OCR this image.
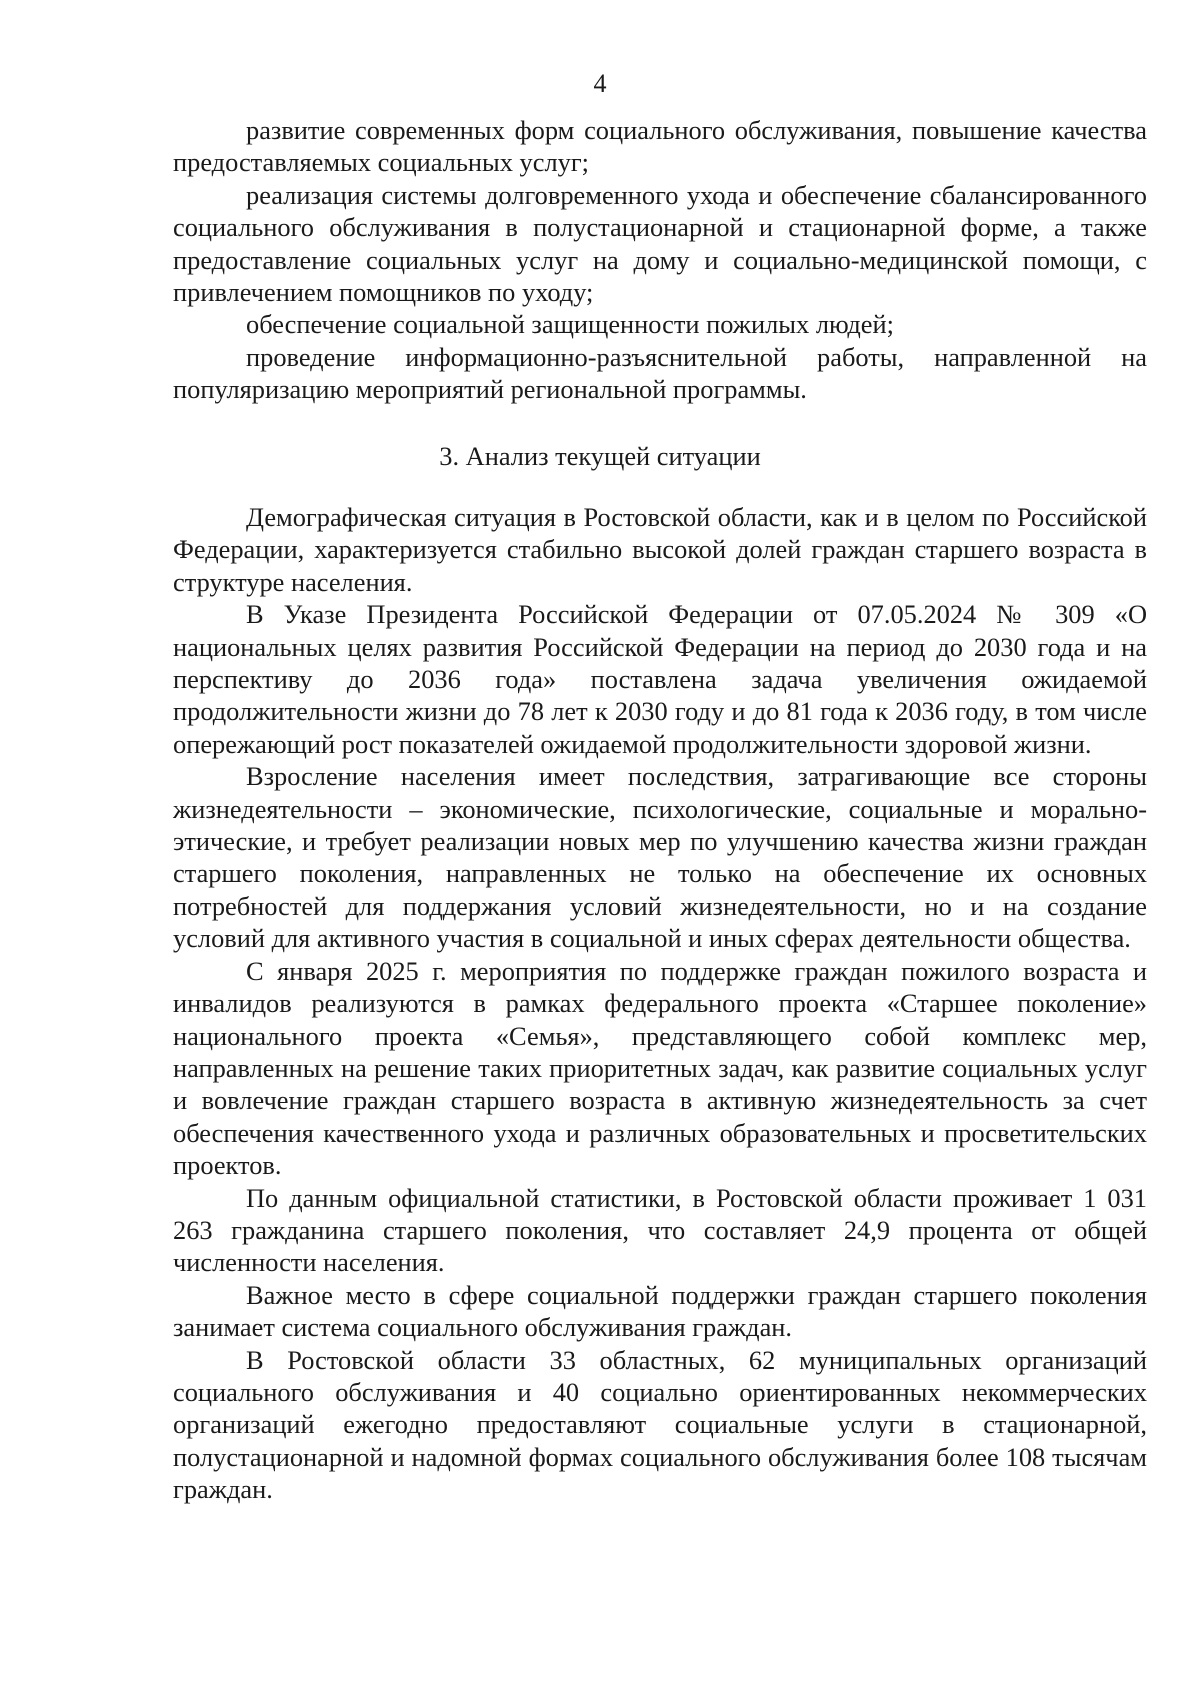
4

развитие современных форм социального обслуживания, повышение качества предоставляемых социальных услуг;

реализация системы долговременного ухода и обеспечение сбалансированного социального обслуживания в полустационарной и стационарной форме, а также предоставление социальных услуг на дому и социально-медицинской помощи, с привлечением помощников по уходу;

обеспечение социальной защищенности пожилых людей;

проведение информационно-разъяснительной работы, направленной на популяризацию мероприятий региональной программы.

3. Анализ текущей ситуации

Демографическая ситуация в Ростовской области, как и в целом по Российской Федерации, характеризуется стабильно высокой долей граждан старшего возраста в структуре населения.

В Указе Президента Российской Федерации от 07.05.2024 № 309 «О национальных целях развития Российской Федерации на период до 2030 года и на перспективу до 2036 года» поставлена задача увеличения ожидаемой продолжительности жизни до 78 лет к 2030 году и до 81 года к 2036 году, в том числе опережающий рост показателей ожидаемой продолжительности здоровой жизни.

Взросление населения имеет последствия, затрагивающие все стороны жизнедеятельности – экономические, психологические, социальные и морально-этические, и требует реализации новых мер по улучшению качества жизни граждан старшего поколения, направленных не только на обеспечение их основных потребностей для поддержания условий жизнедеятельности, но и на создание условий для активного участия в социальной и иных сферах деятельности общества.

С января 2025 г. мероприятия по поддержке граждан пожилого возраста и инвалидов реализуются в рамках федерального проекта «Старшее поколение» национального проекта «Семья», представляющего собой комплекс мер, направленных на решение таких приоритетных задач, как развитие социальных услуг и вовлечение граждан старшего возраста в активную жизнедеятельность за счет обеспечения качественного ухода и различных образовательных и просветительских проектов.

По данным официальной статистики, в Ростовской области проживает 1 031 263 гражданина старшего поколения, что составляет 24,9 процента от общей численности населения.

Важное место в сфере социальной поддержки граждан старшего поколения занимает система социального обслуживания граждан.

В Ростовской области 33 областных, 62 муниципальных организаций социального обслуживания и 40 социально ориентированных некоммерческих организаций ежегодно предоставляют социальные услуги в стационарной, полустационарной и надомной формах социального обслуживания более 108 тысячам граждан.
